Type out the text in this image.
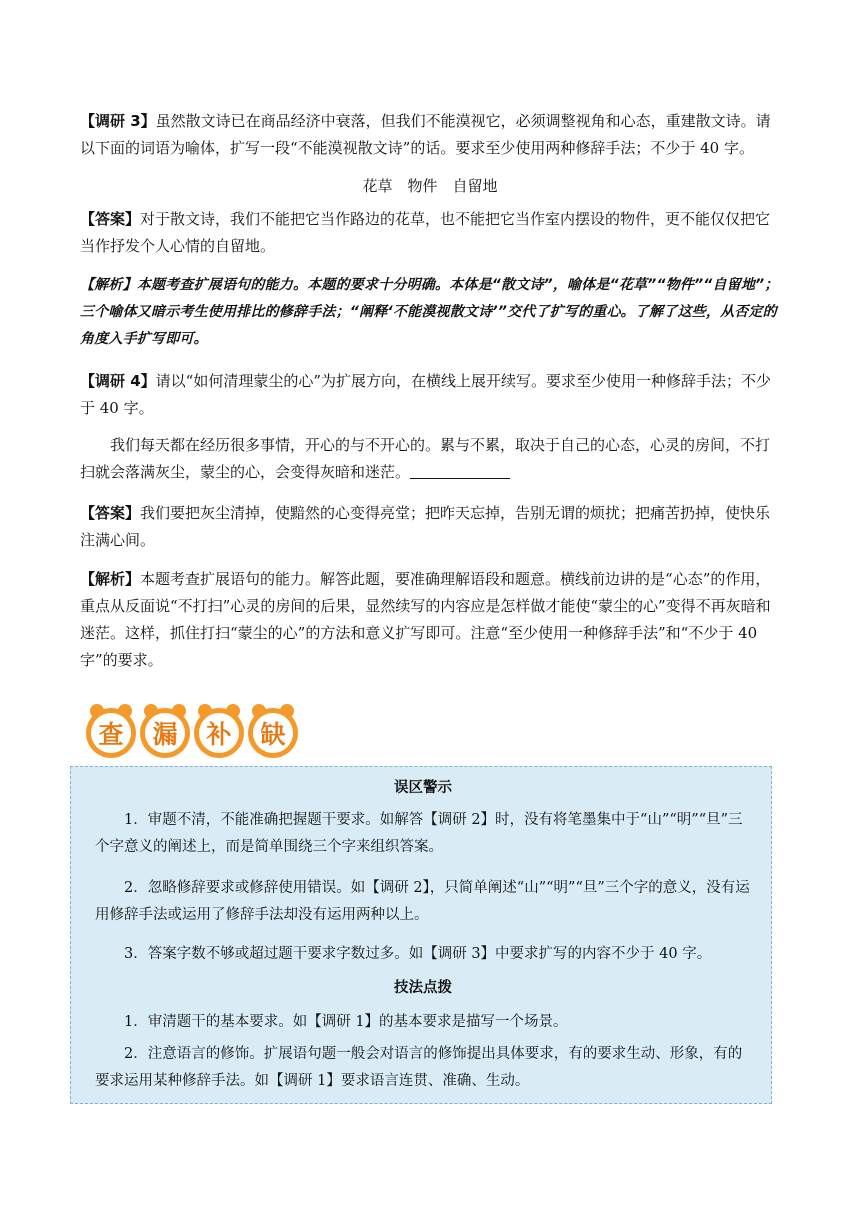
【调研 3】虽然散文诗已在商品经济中衰落，但我们不能漠视它，必须调整视角和心态，重建散文诗。请以下面的词语为喻体，扩写一段“不能漠视散文诗”的话。要求至少使用两种修辞手法；不少于 40 字。
花草　物件　自留地
【答案】对于散文诗，我们不能把它当作路边的花草，也不能把它当作室内摆设的物件，更不能仅仅把它当作抒发个人心情的自留地。
【解析】本题考查扩展语句的能力。本题的要求十分明确。本体是“散文诗”，喻体是“花草”“物件”“自留地”；三个喻体又暗示考生使用排比的修辞手法；“阐释‘不能漠视散文诗’”交代了扩写的重心。了解了这些，从否定的角度入手扩写即可。
【调研 4】请以“如何清理蒙尘的心”为扩展方向，在横线上展开续写。要求至少使用一种修辞手法；不少于 40 字。
我们每天都在经历很多事情，开心的与不开心的。累与不累，取决于自己的心态，心灵的房间，不打扫就会落满灰尘，蒙尘的心，会变得灰暗和迷茫。
【答案】我们要把灰尘清掉，使黯然的心变得亮堂；把昨天忘掉，告别无谓的烦扰；把痛苦扔掉，使快乐注满心间。
【解析】本题考查扩展语句的能力。解答此题，要准确理解语段和题意。横线前边讲的是“心态”的作用，重点从反面说“不打扫”心灵的房间的后果，显然续写的内容应是怎样做才能使“蒙尘的心”变得不再灰暗和迷茫。这样，抓住打扫“蒙尘的心”的方法和意义扩写即可。注意“至少使用一种修辞手法”和“不少于 40 字”的要求。
查	漏	补	缺
误区警示
1．审题不清，不能准确把握题干要求。如解答【调研 2】时，没有将笔墨集中于“山”“明”“旦”三个字意义的阐述上，而是简单围绕三个字来组织答案。
2．忽略修辞要求或修辞使用错误。如【调研 2】，只简单阐述“山”“明”“旦”三个字的意义，没有运用修辞手法或运用了修辞手法却没有运用两种以上。
3．答案字数不够或超过题干要求字数过多。如【调研 3】中要求扩写的内容不少于 40 字。
技法点拨
1．审清题干的基本要求。如【调研 1】的基本要求是描写一个场景。
2．注意语言的修饰。扩展语句题一般会对语言的修饰提出具体要求，有的要求生动、形象，有的要求运用某种修辞手法。如【调研 1】要求语言连贯、准确、生动。
